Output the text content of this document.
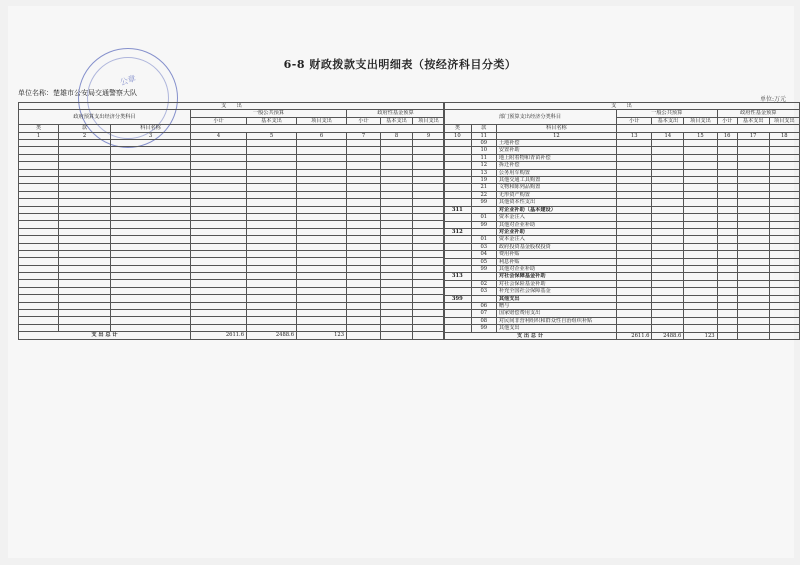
公章
6-8 财政拨款支出明细表（按经济科目分类）
单位名称：楚雄市公安局交通警察大队
单位:万元
支　　出								
政府预算支出经济分类科目			一般公共预算			政府性基金预算		
			小计	基本支出	项目支出	小计	基本支出	项目支出
类	款	科目名称						
1	2	3	4	5	6	7	8	9

支 出 总 计			2611.6	2488.6	123			
支　　出								
部门预算支出经济分类科目			一般公共预算			政府性基金预算		
			小计	基本支出	项目支出	小计	基本支出	项目支出
类	款	科目名称						
10	11	12	13	14	15	16	17	18
	09	土地补偿						
	10	安置补助						
	11	地上附着物和青苗补偿						
	12	拆迁补偿						
	13	公务用车购置						
	19	其他交通工具购置						
	21	文物和陈列品购置						
	22	无形资产购置						
	99	其他资本性支出						
311		对企业补助（基本建设）						
	01	资本金注入						
	99	其他对企业补助						
312		对企业补助						
	01	资本金注入						
	03	政府投资基金股权投资						
	04	费用补贴						
	05	利息补贴						
	99	其他对企业补助						
313		对社会保障基金补助						
	02	对社会保险基金补助						
	03	补充全国社会保障基金						
399		其他支出						
	06	赠与						
	07	国家赔偿费用支出						
	08	对民间非营利组织和群众性自治组织补贴						
	99	其他支出						
支 出 总 计			2611.6	2488.6	123			
